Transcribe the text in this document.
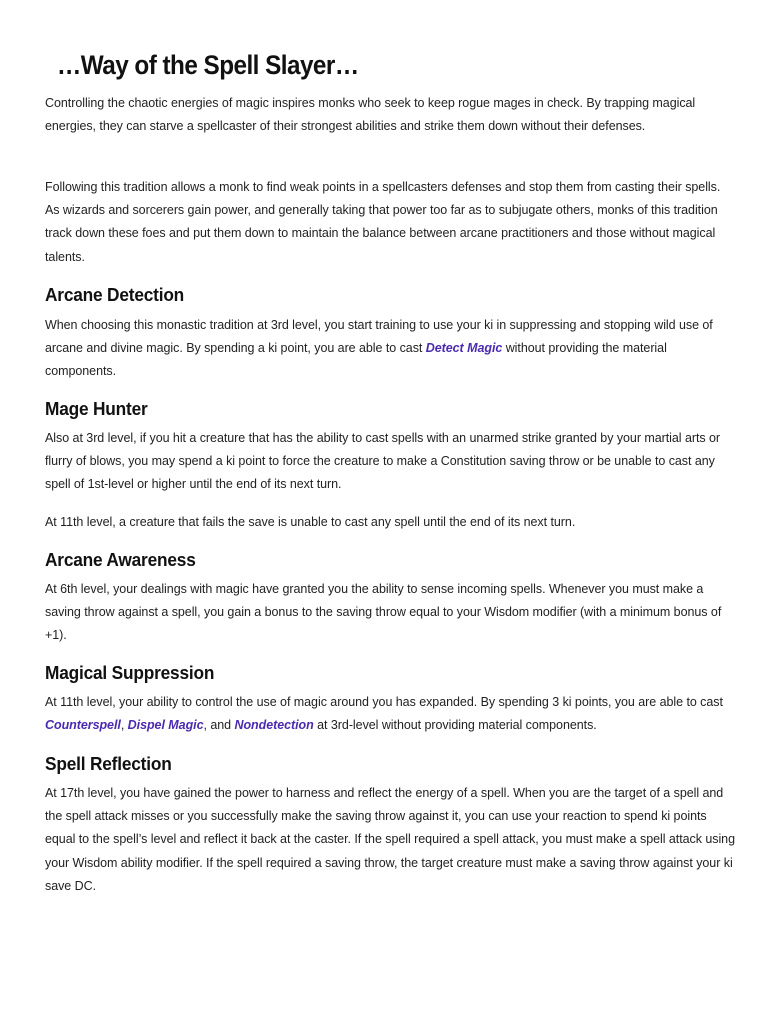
…Way of the Spell Slayer…

Controlling the chaotic energies of magic inspires monks who seek to keep rogue mages in check. By trapping magical energies, they can starve a spellcaster of their strongest abilities and strike them down without their defenses.

Following this tradition allows a monk to find weak points in a spellcasters defenses and stop them from casting their spells. As wizards and sorcerers gain power, and generally taking that power too far as to subjugate others, monks of this tradition track down these foes and put them down to maintain the balance between arcane practitioners and those without magical talents.

Arcane Detection

When choosing this monastic tradition at 3rd level, you start training to use your ki in suppressing and stopping wild use of arcane and divine magic. By spending a ki point, you are able to cast Detect Magic without providing the material components.

Mage Hunter

Also at 3rd level, if you hit a creature that has the ability to cast spells with an unarmed strike granted by your martial arts or flurry of blows, you may spend a ki point to force the creature to make a Constitution saving throw or be unable to cast any spell of 1st-level or higher until the end of its next turn.

At 11th level, a creature that fails the save is unable to cast any spell until the end of its next turn.

Arcane Awareness

At 6th level, your dealings with magic have granted you the ability to sense incoming spells. Whenever you must make a saving throw against a spell, you gain a bonus to the saving throw equal to your Wisdom modifier (with a minimum bonus of +1).

Magical Suppression

At 11th level, your ability to control the use of magic around you has expanded. By spending 3 ki points, you are able to cast Counterspell, Dispel Magic, and Nondetection at 3rd-level without providing material components.

Spell Reflection

At 17th level, you have gained the power to harness and reflect the energy of a spell. When you are the target of a spell and the spell attack misses or you successfully make the saving throw against it, you can use your reaction to spend ki points equal to the spell’s level and reflect it back at the caster. If the spell required a spell attack, you must make a spell attack using your Wisdom ability modifier. If the spell required a saving throw, the target creature must make a saving throw against your ki save DC.
